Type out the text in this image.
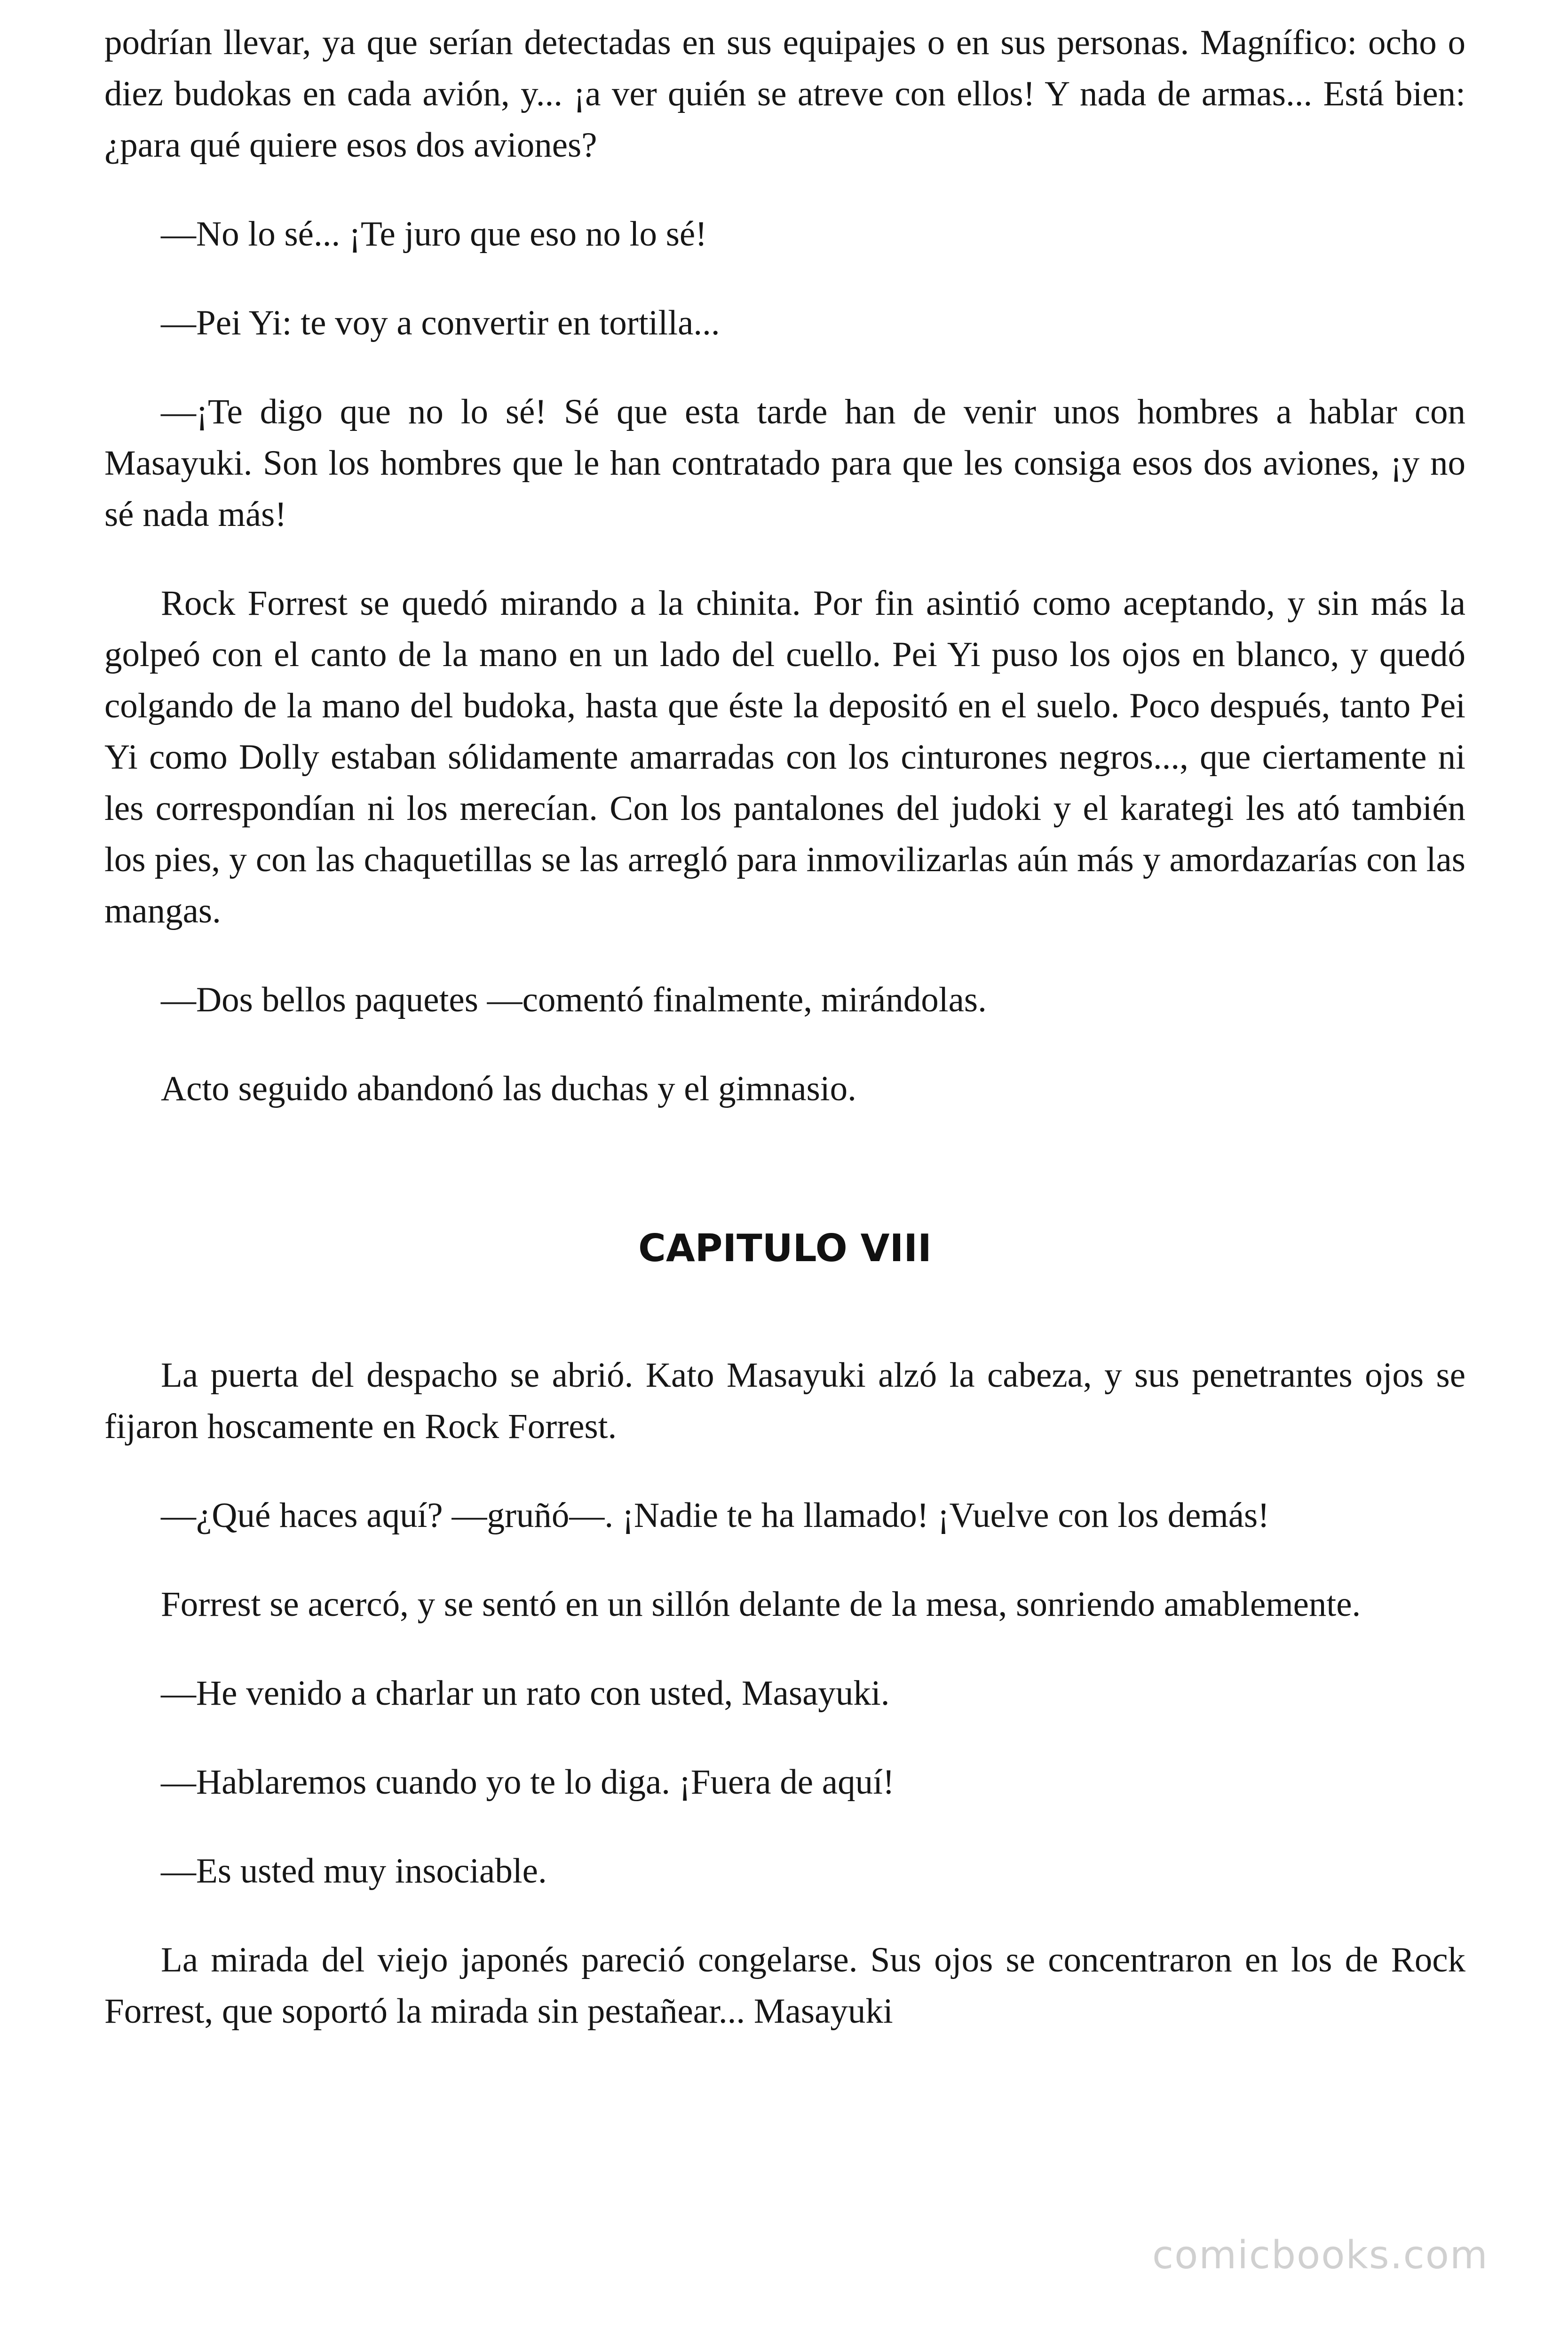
podrían llevar, ya que serían detectadas en sus equipajes o en sus personas. Magnífico: ocho o diez budokas en cada avión, y... ¡a ver quién se atreve con ellos! Y nada de armas... Está bien: ¿para qué quiere esos dos aviones?

—No lo sé... ¡Te juro que eso no lo sé!

—Pei Yi: te voy a convertir en tortilla...

—¡Te digo que no lo sé! Sé que esta tarde han de venir unos hombres a hablar con Masayuki. Son los hombres que le han contratado para que les consiga esos dos aviones, ¡y no sé nada más!

Rock Forrest se quedó mirando a la chinita. Por fin asintió como aceptando, y sin más la golpeó con el canto de la mano en un lado del cuello. Pei Yi puso los ojos en blanco, y quedó colgando de la mano del budoka, hasta que éste la depositó en el suelo. Poco después, tanto Pei Yi como Dolly estaban sólidamente amarradas con los cinturones negros..., que ciertamente ni les correspondían ni los merecían. Con los pantalones del judoki y el karategi les ató también los pies, y con las chaquetillas se las arregló para inmovilizarlas aún más y amordazarías con las mangas.

—Dos bellos paquetes —comentó finalmente, mirándolas.

Acto seguido abandonó las duchas y el gimnasio.

CAPITULO VIII

La puerta del despacho se abrió. Kato Masayuki alzó la cabeza, y sus penetrantes ojos se fijaron hoscamente en Rock Forrest.

—¿Qué haces aquí? —gruñó—. ¡Nadie te ha llamado! ¡Vuelve con los demás!

Forrest se acercó, y se sentó en un sillón delante de la mesa, sonriendo amablemente.

—He venido a charlar un rato con usted, Masayuki.

—Hablaremos cuando yo te lo diga. ¡Fuera de aquí!

—Es usted muy insociable.

La mirada del viejo japonés pareció congelarse. Sus ojos se concentraron en los de Rock Forrest, que soportó la mirada sin pestañear... Masayuki

comicbooks.com
